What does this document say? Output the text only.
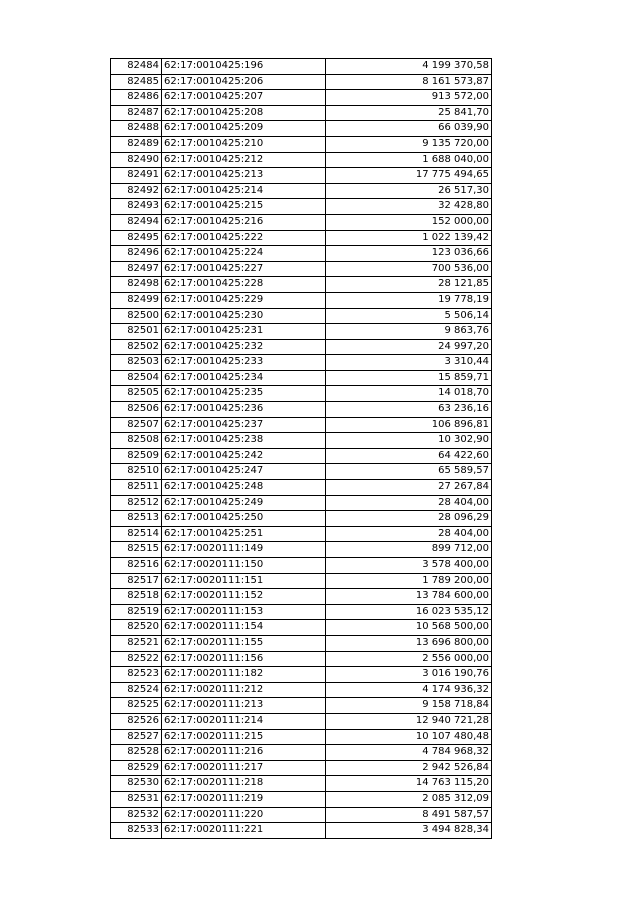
82484	62:17:0010425:196	4 199 370,58
82485	62:17:0010425:206	8 161 573,87
82486	62:17:0010425:207	913 572,00
82487	62:17:0010425:208	25 841,70
82488	62:17:0010425:209	66 039,90
82489	62:17:0010425:210	9 135 720,00
82490	62:17:0010425:212	1 688 040,00
82491	62:17:0010425:213	17 775 494,65
82492	62:17:0010425:214	26 517,30
82493	62:17:0010425:215	32 428,80
82494	62:17:0010425:216	152 000,00
82495	62:17:0010425:222	1 022 139,42
82496	62:17:0010425:224	123 036,66
82497	62:17:0010425:227	700 536,00
82498	62:17:0010425:228	28 121,85
82499	62:17:0010425:229	19 778,19
82500	62:17:0010425:230	5 506,14
82501	62:17:0010425:231	9 863,76
82502	62:17:0010425:232	24 997,20
82503	62:17:0010425:233	3 310,44
82504	62:17:0010425:234	15 859,71
82505	62:17:0010425:235	14 018,70
82506	62:17:0010425:236	63 236,16
82507	62:17:0010425:237	106 896,81
82508	62:17:0010425:238	10 302,90
82509	62:17:0010425:242	64 422,60
82510	62:17:0010425:247	65 589,57
82511	62:17:0010425:248	27 267,84
82512	62:17:0010425:249	28 404,00
82513	62:17:0010425:250	28 096,29
82514	62:17:0010425:251	28 404,00
82515	62:17:0020111:149	899 712,00
82516	62:17:0020111:150	3 578 400,00
82517	62:17:0020111:151	1 789 200,00
82518	62:17:0020111:152	13 784 600,00
82519	62:17:0020111:153	16 023 535,12
82520	62:17:0020111:154	10 568 500,00
82521	62:17:0020111:155	13 696 800,00
82522	62:17:0020111:156	2 556 000,00
82523	62:17:0020111:182	3 016 190,76
82524	62:17:0020111:212	4 174 936,32
82525	62:17:0020111:213	9 158 718,84
82526	62:17:0020111:214	12 940 721,28
82527	62:17:0020111:215	10 107 480,48
82528	62:17:0020111:216	4 784 968,32
82529	62:17:0020111:217	2 942 526,84
82530	62:17:0020111:218	14 763 115,20
82531	62:17:0020111:219	2 085 312,09
82532	62:17:0020111:220	8 491 587,57
82533	62:17:0020111:221	3 494 828,34
